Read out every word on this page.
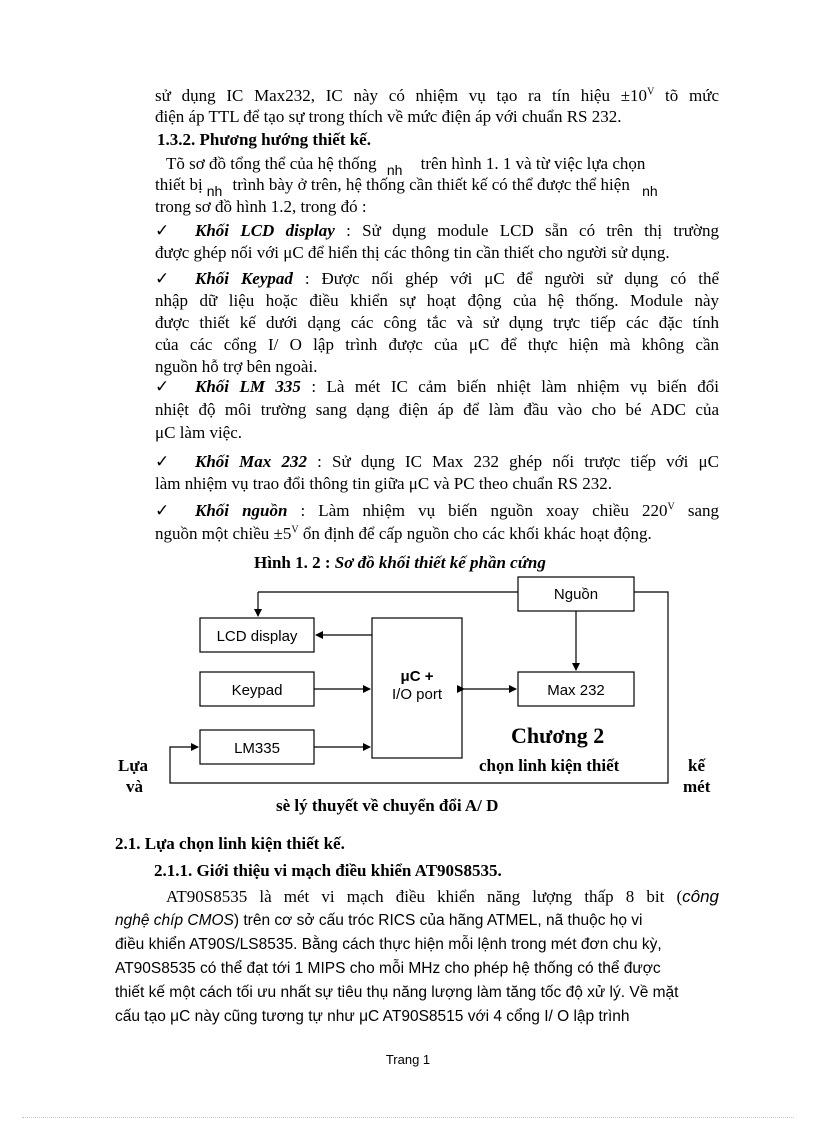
sử dụng IC Max232, IC này có nhiệm vụ tạo ra tín hiệu $\pm 10^V$ tõ mức
điện áp TTL để tạo sự trong thích về mức điện áp với chuẩn RS 232.
1.3.2. Phương hướng thiết kế.
Tõ sơ đồ tổng thể của hệ thống $_{nh}$ trên hình 1. 1 và từ việc lựa chọn
thiết bị $_{nh}$ trình bày ở trên, hệ thống cần thiết kế có thể được thể hiện $_{nh}$
trong sơ đồ hình 1.2, trong đó :
✓ Khối LCD display : Sử dụng module LCD sẵn có trên thị trường
được ghép nối với μC để hiển thị các thông tin cần thiết cho người sử dụng.
✓ Khối Keypad : Được nối ghép với μC để người sử dụng có thể
nhập dữ liệu hoặc điều khiển sự hoạt động của hệ thống. Module này
được thiết kế dưới dạng các công tắc và sử dụng trực tiếp các đặc tính
của các cổng I/ O lập trình được của μC để thực hiện mà không cần
nguồn hỗ trợ bên ngoài.
✓ Khối LM 335 : Là mét IC cảm biến nhiệt làm nhiệm vụ biến đổi
nhiệt độ môi trường sang dạng điện áp để làm đầu vào cho bé ADC của
μC làm việc.
✓ Khối Max 232 : Sử dụng IC Max 232 ghép nối trược tiếp với μC
làm nhiệm vụ trao đổi thông tin giữa μC và PC theo chuẩn RS 232.
✓ Khối nguồn : Làm nhiệm vụ biến nguồn xoay chiều $220^V$ sang
nguồn một chiều $\pm 5^V$ ổn định để cấp nguồn cho các khối khác hoạt động.
Hình 1. 2 : Sơ đồ khối thiết kế phần cứng
Nguồn
LCD display
μC +
I/O port
Keypad	Max 232
LM335
Chương 2
chọn linh kiện thiết
Lựa
và
kế
mét
sè lý thuyết về chuyển đổi A/ D
2.1. Lựa chọn linh kiện thiết kế.
2.1.1. Giới thiệu vi mạch điều khiển AT90S8535.
AT90S8535 là mét vi mạch điều khiển năng lượng thấp 8 bit (công
nghệ chíp CMOS) trên cơ sở cấu tróc RICS của hãng ATMEL, nã thuộc họ vi
điều khiển AT90S/LS8535. Bằng cách thực hiện mỗi lệnh trong mét đơn chu kỳ,
AT90S8535 có thể đạt tới 1 MIPS cho mỗi MHz cho phép hệ thống có thể được
thiết kế một cách tối ưu nhất sự tiêu thụ năng lượng làm tăng tốc độ xử lý. Về mặt
cấu tạo μC này cũng tương tự như μC AT90S8515 với 4 cổng I/ O lập trình
Trang 1
